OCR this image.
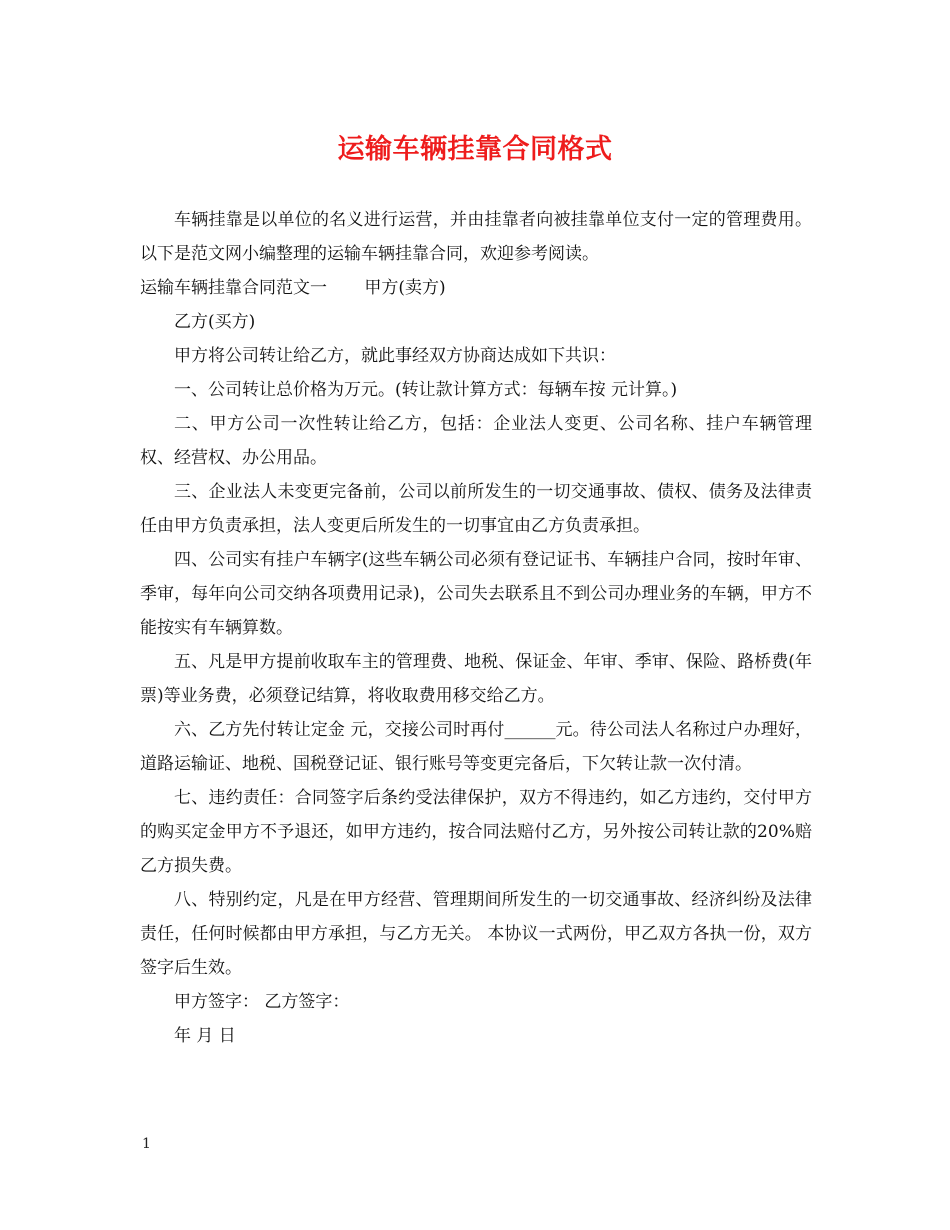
运输车辆挂靠合同格式

车辆挂靠是以单位的名义进行运营，并由挂靠者向被挂靠单位支付一定的管理费用。以下是范文网小编整理的运输车辆挂靠合同，欢迎参考阅读。

运输车辆挂靠合同范文一 甲方(卖方)

乙方(买方)

甲方将公司转让给乙方，就此事经双方协商达成如下共识：

一、公司转让总价格为万元。(转让款计算方式：每辆车按 元计算。)

二、甲方公司一次性转让给乙方，包括：企业法人变更、公司名称、挂户车辆管理权、经营权、办公用品。

三、企业法人未变更完备前，公司以前所发生的一切交通事故、债权、债务及法律责任由甲方负责承担，法人变更后所发生的一切事宜由乙方负责承担。

四、公司实有挂户车辆字(这些车辆公司必须有登记证书、车辆挂户合同，按时年审、季审，每年向公司交纳各项费用记录)，公司失去联系且不到公司办理业务的车辆，甲方不能按实有车辆算数。

五、凡是甲方提前收取车主的管理费、地税、保证金、年审、季审、保险、路桥费(年票)等业务费，必须登记结算，将收取费用移交给乙方。

六、乙方先付转让定金 元，交接公司时再付______元。待公司法人名称过户办理好，道路运输证、地税、国税登记证、银行账号等变更完备后，下欠转让款一次付清。

七、违约责任：合同签字后条约受法律保护，双方不得违约，如乙方违约，交付甲方的购买定金甲方不予退还，如甲方违约，按合同法赔付乙方，另外按公司转让款的20%赔乙方损失费。

八、特别约定，凡是在甲方经营、管理期间所发生的一切交通事故、经济纠纷及法律责任，任何时候都由甲方承担，与乙方无关。 本协议一式两份，甲乙双方各执一份，双方签字后生效。

甲方签字： 乙方签字：

年 月 日

1
